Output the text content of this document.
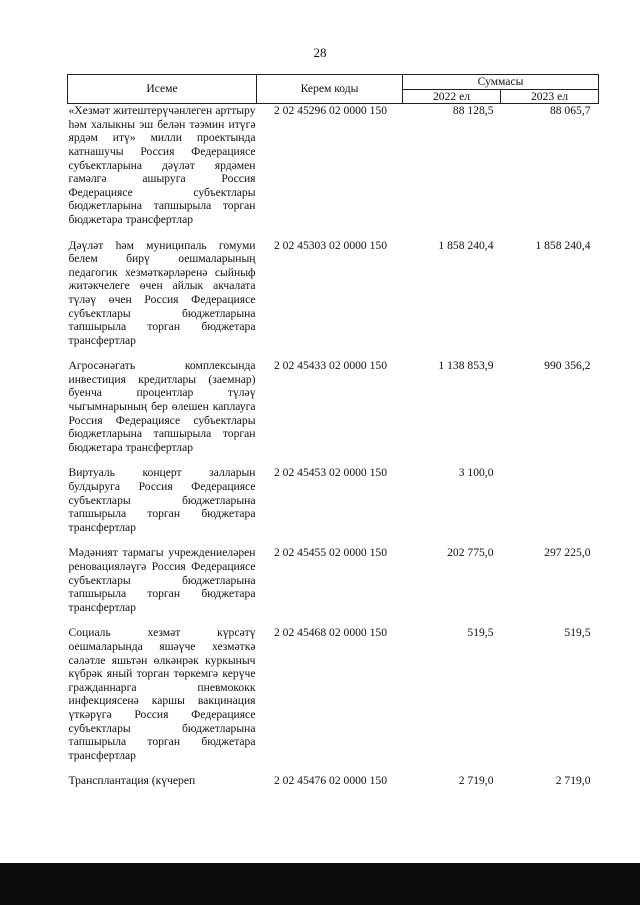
28
Исеме	Керем коды	Суммасы	
		2022 ел	2023 ел
«Хезмәт житештерүчәнлеген арттыру һәм халыкны эш белән тәэмин итүгә ярдәм итү» милли проектында катнашучы Россия Федерациясе субъектларына дәүләт ярдәмен гамәлгә ашыруга Россия Федерациясе субъектлары бюджетларына тапшырыла торган бюджетара трансфертлар	2 02 45296 02 0000 150	88 128,5	88 065,7
Дәүләт һәм муниципаль гомуми белем бирү оешмаларының педагогик хезмәткәрләренә сыйныф житәкчелеге өчен айлык акчалата түләү өчен Россия Федерациясе субъектлары бюджетларына тапшырыла торган бюджетара трансфертлар	2 02 45303 02 0000 150	1 858 240,4	1 858 240,4
Агросәнәгать комплексында инвестиция кредитлары (заемнар) буенча процентлар түләү чыгымнарының бер өлешен каплауга Россия Федерациясе субъектлары бюджетларына тапшырыла торган бюджетара трансфертлар	2 02 45433 02 0000 150	1 138 853,9	990 356,2
Виртуаль концерт залларын булдыруга Россия Федерациясе субъектлары бюджетларына тапшырыла торган бюджетара трансфертлар	2 02 45453 02 0000 150	3 100,0	
Мәдәният тармагы учреждениеләрен реновацияләүгә Россия Федерациясе субъектлары бюджетларына тапшырыла торган бюджетара трансфертлар	2 02 45455 02 0000 150	202 775,0	297 225,0
Социаль хезмәт күрсәтү оешмаларында яшәүче хезмәткә сәләтле яшьтән өлкәнрәк куркыныч күбрәк яный торган төркемгә керүче гражданнарга пневмококк инфекциясенә каршы вакцинация үткәрүгә Россия Федерациясе субъектлары бюджетларына тапшырыла торган бюджетара трансфертлар	2 02 45468 02 0000 150	519,5	519,5
Трансплантация (күчереп	2 02 45476 02 0000 150	2 719,0	2 719,0
